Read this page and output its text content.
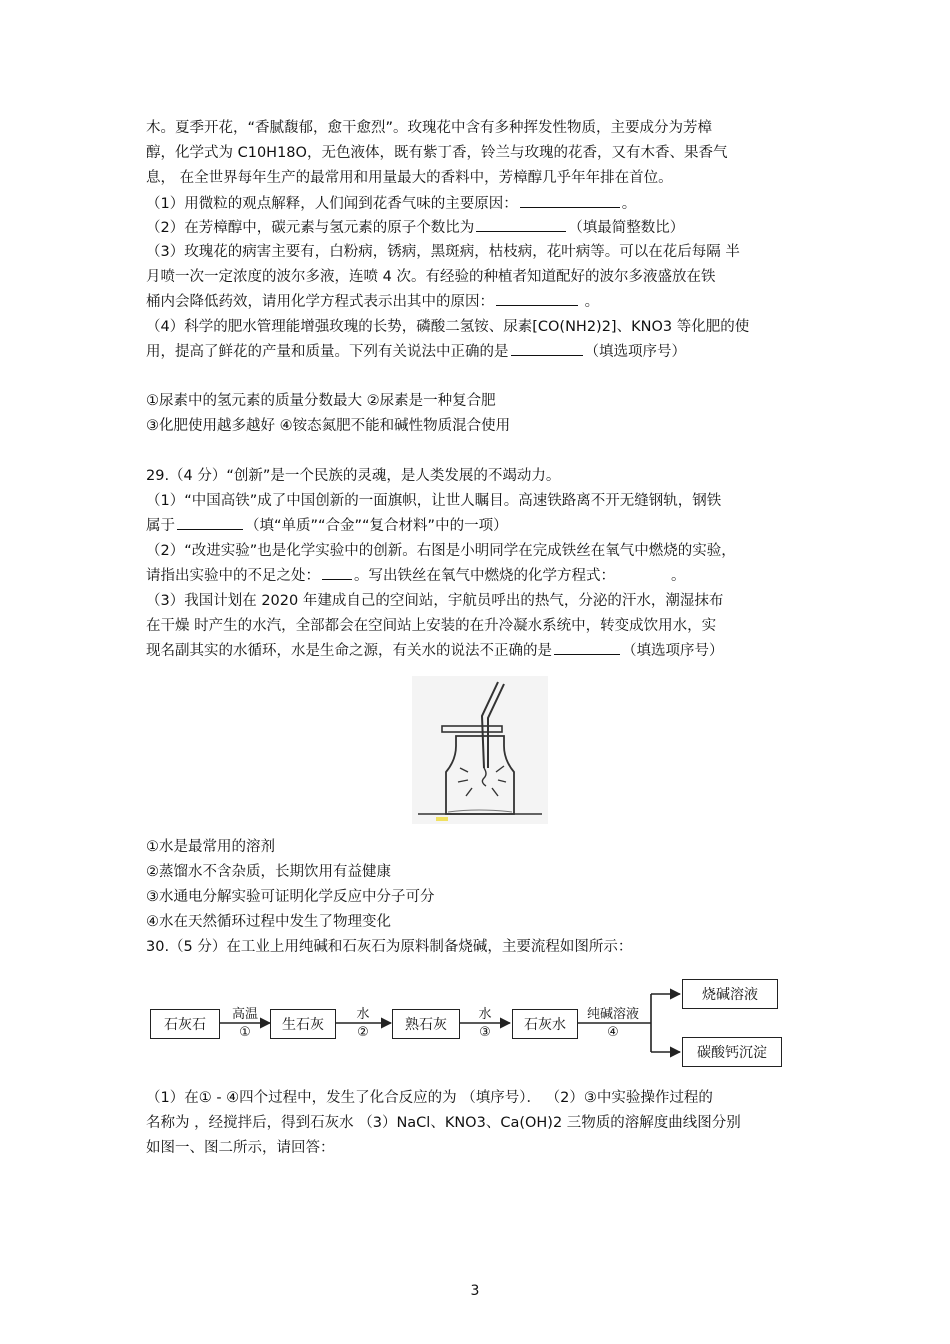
木。夏季开花，“香腻馥郁，愈干愈烈”。玫瑰花中含有多种挥发性物质，主要成分为芳樟
醇，化学式为 C10H18O，无色液体，既有紫丁香，铃兰与玫瑰的花香，又有木香、果香气
息， 在全世界每年生产的最常用和用量最大的香料中，芳樟醇几乎年年排在首位。
（1）用微粒的观点解释，人们闻到花香气味的主要原因：	。
（2）在芳樟醇中，碳元素与氢元素的原子个数比为	（填最简整数比）
（3）玫瑰花的病害主要有，白粉病，锈病，黑斑病，枯枝病，花叶病等。可以在花后每隔 半
月喷一次一定浓度的波尔多液，连喷 4 次。有经验的种植者知道配好的波尔多液盛放在铁
桶内会降低药效，请用化学方程式表示出其中的原因：	。
（4）科学的肥水管理能增强玫瑰的长势，磷酸二氢铵、尿素[CO(NH2)2]、KNO3 等化肥的使
用，提高了鲜花的产量和质量。下列有关说法中正确的是	（填选项序号）
①尿素中的氢元素的质量分数最大 ②尿素是一种复合肥
③化肥使用越多越好 ④铵态氮肥不能和碱性物质混合使用
29.（4 分）“创新”是一个民族的灵魂，是人类发展的不竭动力。
（1）“中国高铁”成了中国创新的一面旗帜，让世人瞩目。高速铁路离不开无缝钢轨，钢铁
属于	（填“单质”“合金”“复合材料”中的一项）
（2）“改进实验”也是化学实验中的创新。右图是小明同学在完成铁丝在氧气中燃烧的实验，
请指出实验中的不足之处： 。写出铁丝在氧气中燃烧的化学方程式：	。
（3）我国计划在 2020 年建成自己的空间站，宇航员呼出的热气，分泌的汗水，潮湿抹布
在干燥 时产生的水汽，全部都会在空间站上安装的在升冷凝水系统中，转变成饮用水，实
现名副其实的水循环，水是生命之源，有关水的说法不正确的是	（填选项序号）
①水是最常用的溶剂
②蒸馏水不含杂质，长期饮用有益健康
③水通电分解实验可证明化学反应中分子可分
④水在天然循环过程中发生了物理变化
30.（5 分）在工业上用纯碱和石灰石为原料制备烧碱，主要流程如图所示：
石灰石	生石灰	熟石灰	石灰水
烧碱溶液
碳酸钙沉淀
高温
①
水
②
水
③
纯碱溶液
④
（1）在① - ④四个过程中，发生了化合反应的为 （填序号）． （2）③中实验操作过程的
名称为 ，经搅拌后，得到石灰水 （3）NaCl、KNO3、Ca(OH)2 三物质的溶解度曲线图分别
如图一、图二所示，请回答：
3
